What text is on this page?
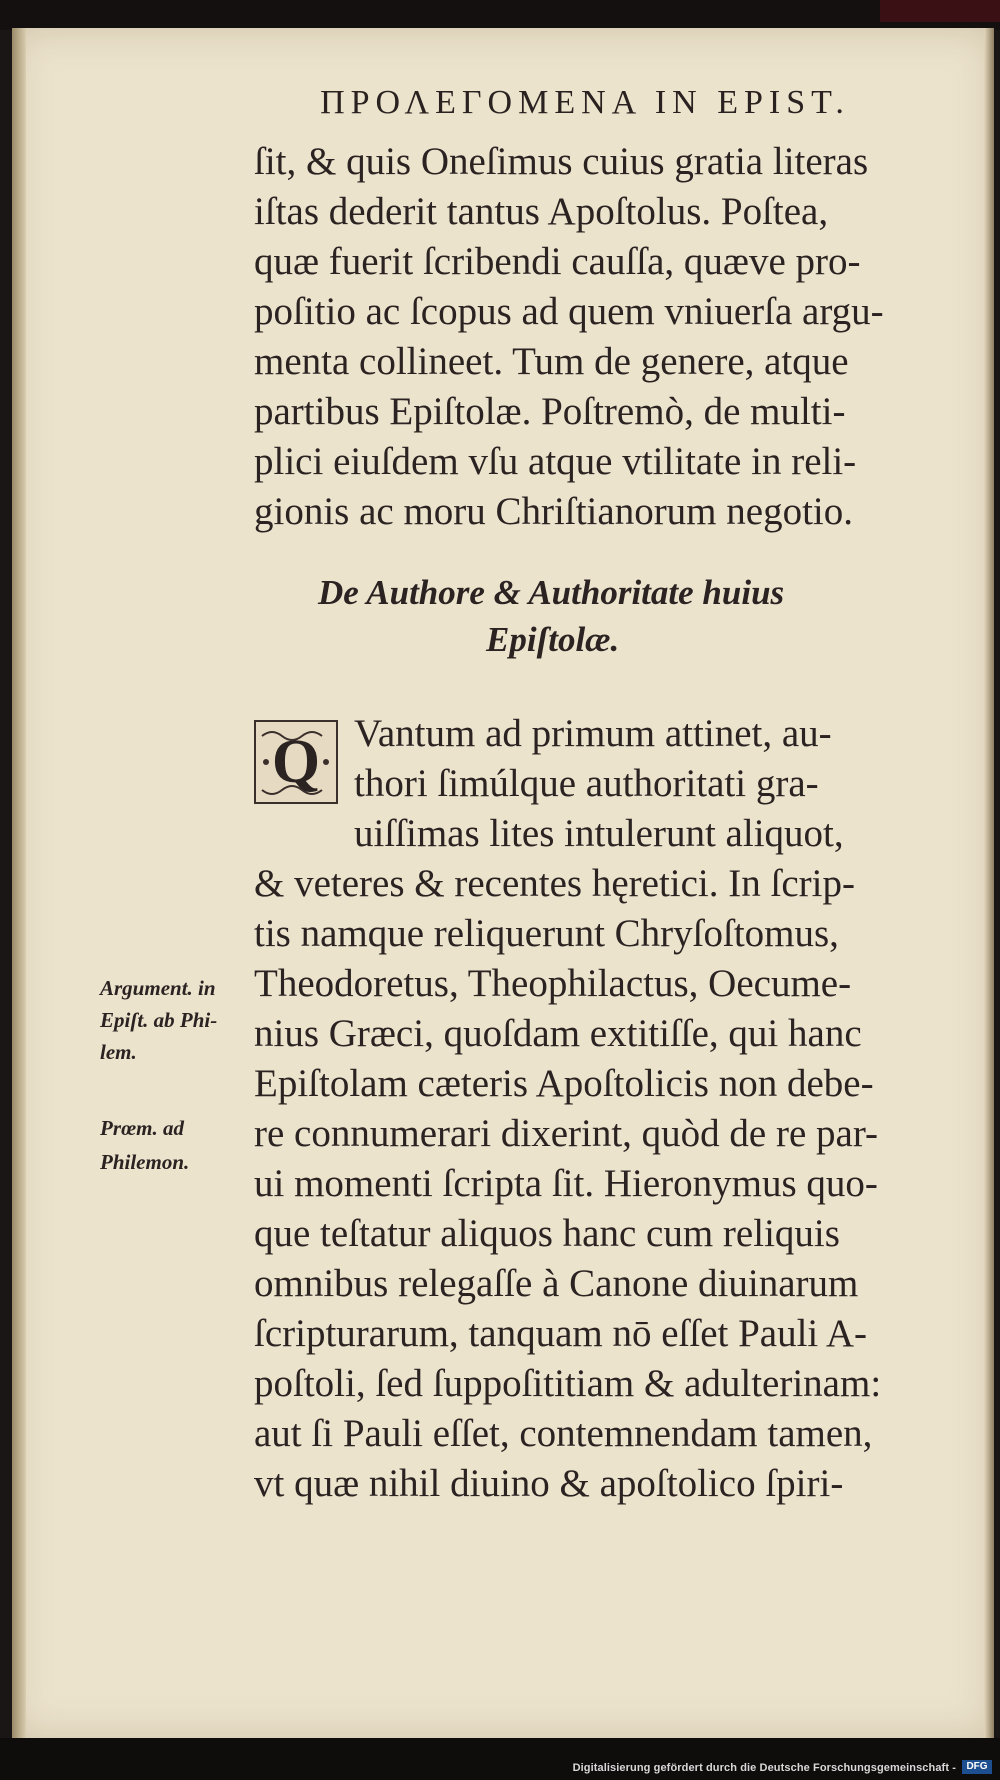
ΠΡΟΛΕΓΟΜΕΝΑ IN EPIST.

ſit, & quis Oneſimus cuius gratia literas

iſtas dederit tantus Apoſtolus. Poſtea,

quæ fuerit ſcribendi cauſſa, quæve pro-

poſitio ac ſcopus ad quem vniuerſa argu-

menta collineet. Tum de genere, atque

partibus Epiſtolæ. Poſtremò, de multi-

plici eiuſdem vſu atque vtilitate in reli-

gionis ac moru Chriſtianorum negotio.

De Authore & Authoritate huius

Epiſtolæ.

Q Vantum ad primum attinet, au-

thori ſimúlque authoritati gra-

uiſſimas lites intulerunt aliquot,

& veteres & recentes hęretici. In ſcrip-

tis namque reliquerunt Chryſoſtomus,

Theodoretus, Theophilactus, Oecume-

nius Græci, quoſdam extitiſſe, qui hanc

Epiſtolam cæteris Apoſtolicis non debe-

re connumerari dixerint, quòd de re par-

ui momenti ſcripta ſit. Hieronymus quo-

que teſtatur aliquos hanc cum reliquis

omnibus relegaſſe à Canone diuinarum

ſcripturarum, tanquam nō eſſet Pauli A-

poſtoli, ſed ſuppoſititiam & adulterinam:

aut ſi Pauli eſſet, contemnendam tamen,

vt quæ nihil diuino & apoſtolico ſpiri-

Argument. in

Epiſt. ab Phi-

lem.

Prœm. ad

Philemon.

Digitalisierung gefördert durch die Deutsche Forschungsgemeinschaft -	DFG
